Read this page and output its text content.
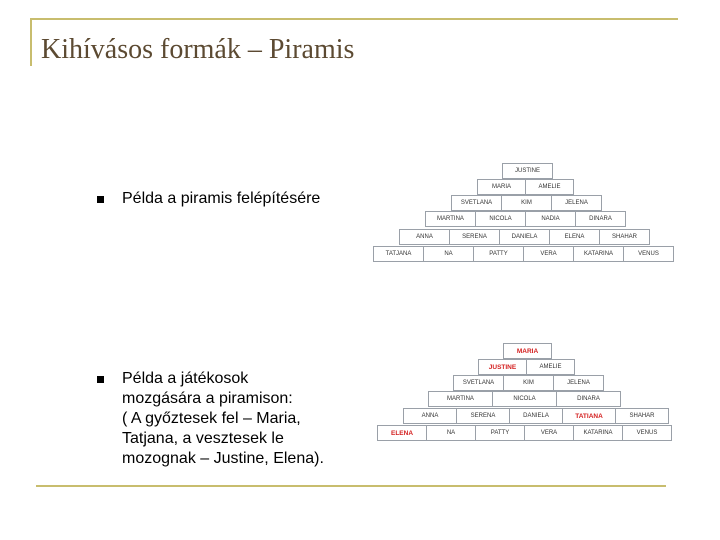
Kihívásos formák – Piramis
Példa a piramis felépítésére
Példa a játékosok
mozgására a piramison:
( A győztesek fel – Maria,
Tatjana, a vesztesek le
mozognak – Justine, Elena).
JUSTINE
MARIA	AMELIE
SVETLANA	KIM	JELENA
MARTINA	NICOLA	NADIA	DINARA
ANNA	SERENA	DANIELA	ELENA	SHAHAR
TATJANA	NA	PATTY	VERA	KATARINA	VENUS
MARIA
JUSTINE	AMELIE
SVETLANA	KIM	JELENA
MARTINA	NICOLA	DINARA
ANNA	SERENA	DANIELA	TATIANA	SHAHAR
ELENA	NA	PATTY	VERA	KATARINA	VENUS
